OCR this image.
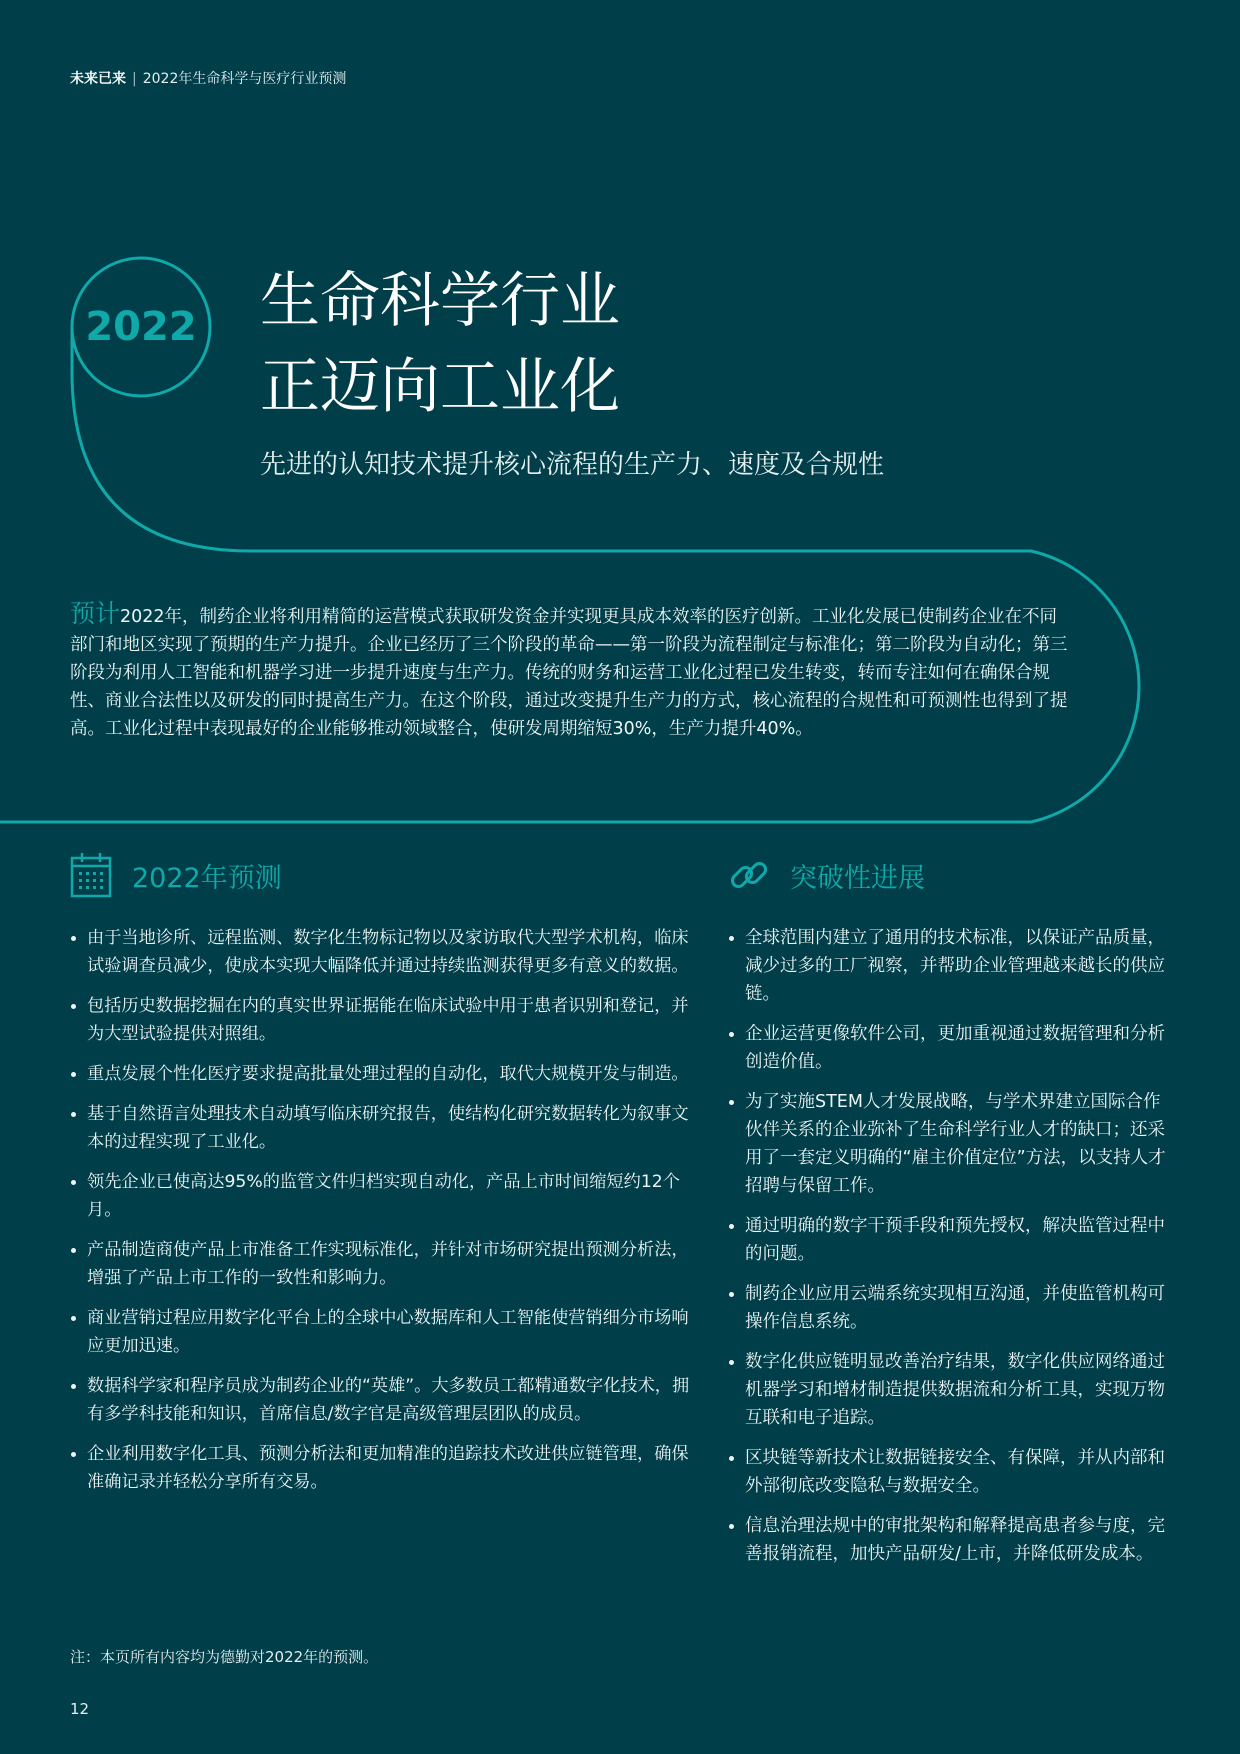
未来已来 | 2022年生命科学与医疗行业预测
2022 生命科学行业
正迈向工业化
先进的认知技术提升核心流程的生产力、速度及合规性

预计2022年，制药企业将利用精简的运营模式获取研发资金并实现更具成本效率的医疗创新。工业化发展已使制药企业在不同部门和地区实现了预期的生产力提升。企业已经历了三个阶段的革命——第一阶段为流程制定与标准化；第二阶段为自动化；第三阶段为利用人工智能和机器学习进一步提升速度与生产力。传统的财务和运营工业化过程已发生转变，转而专注如何在确保合规性、商业合法性以及研发的同时提高生产力。在这个阶段，通过改变提升生产力的方式，核心流程的合规性和可预测性也得到了提高。工业化过程中表现最好的企业能够推动领域整合，使研发周期缩短30%，生产力提升40%。

2022年预测
由于当地诊所、远程监测、数字化生物标记物以及家访取代大型学术机构，临床试验调查员减少，使成本实现大幅降低并通过持续监测获得更多有意义的数据。
包括历史数据挖掘在内的真实世界证据能在临床试验中用于患者识别和登记，并为大型试验提供对照组。
重点发展个性化医疗要求提高批量处理过程的自动化，取代大规模开发与制造。
基于自然语言处理技术自动填写临床研究报告，使结构化研究数据转化为叙事文本的过程实现了工业化。
领先企业已使高达95%的监管文件归档实现自动化，产品上市时间缩短约12个月。
产品制造商使产品上市准备工作实现标准化，并针对市场研究提出预测分析法，增强了产品上市工作的一致性和影响力。
商业营销过程应用数字化平台上的全球中心数据库和人工智能使营销细分市场响应更加迅速。
数据科学家和程序员成为制药企业的“英雄”。大多数员工都精通数字化技术，拥有多学科技能和知识，首席信息/数字官是高级管理层团队的成员。
企业利用数字化工具、预测分析法和更加精准的追踪技术改进供应链管理，确保准确记录并轻松分享所有交易。
突破性进展
全球范围内建立了通用的技术标准，以保证产品质量，减少过多的工厂视察，并帮助企业管理越来越长的供应链。
企业运营更像软件公司，更加重视通过数据管理和分析创造价值。
为了实施STEM人才发展战略，与学术界建立国际合作伙伴关系的企业弥补了生命科学行业人才的缺口；还采用了一套定义明确的“雇主价值定位”方法，以支持人才招聘与保留工作。
通过明确的数字干预手段和预先授权，解决监管过程中的问题。
制药企业应用云端系统实现相互沟通，并使监管机构可操作信息系统。
数字化供应链明显改善治疗结果，数字化供应网络通过机器学习和增材制造提供数据流和分析工具，实现万物互联和电子追踪。
区块链等新技术让数据链接安全、有保障，并从内部和外部彻底改变隐私与数据安全。
信息治理法规中的审批架构和解释提高患者参与度，完善报销流程，加快产品研发/上市，并降低研发成本。
注：本页所有内容均为德勤对2022年的预测。
12
